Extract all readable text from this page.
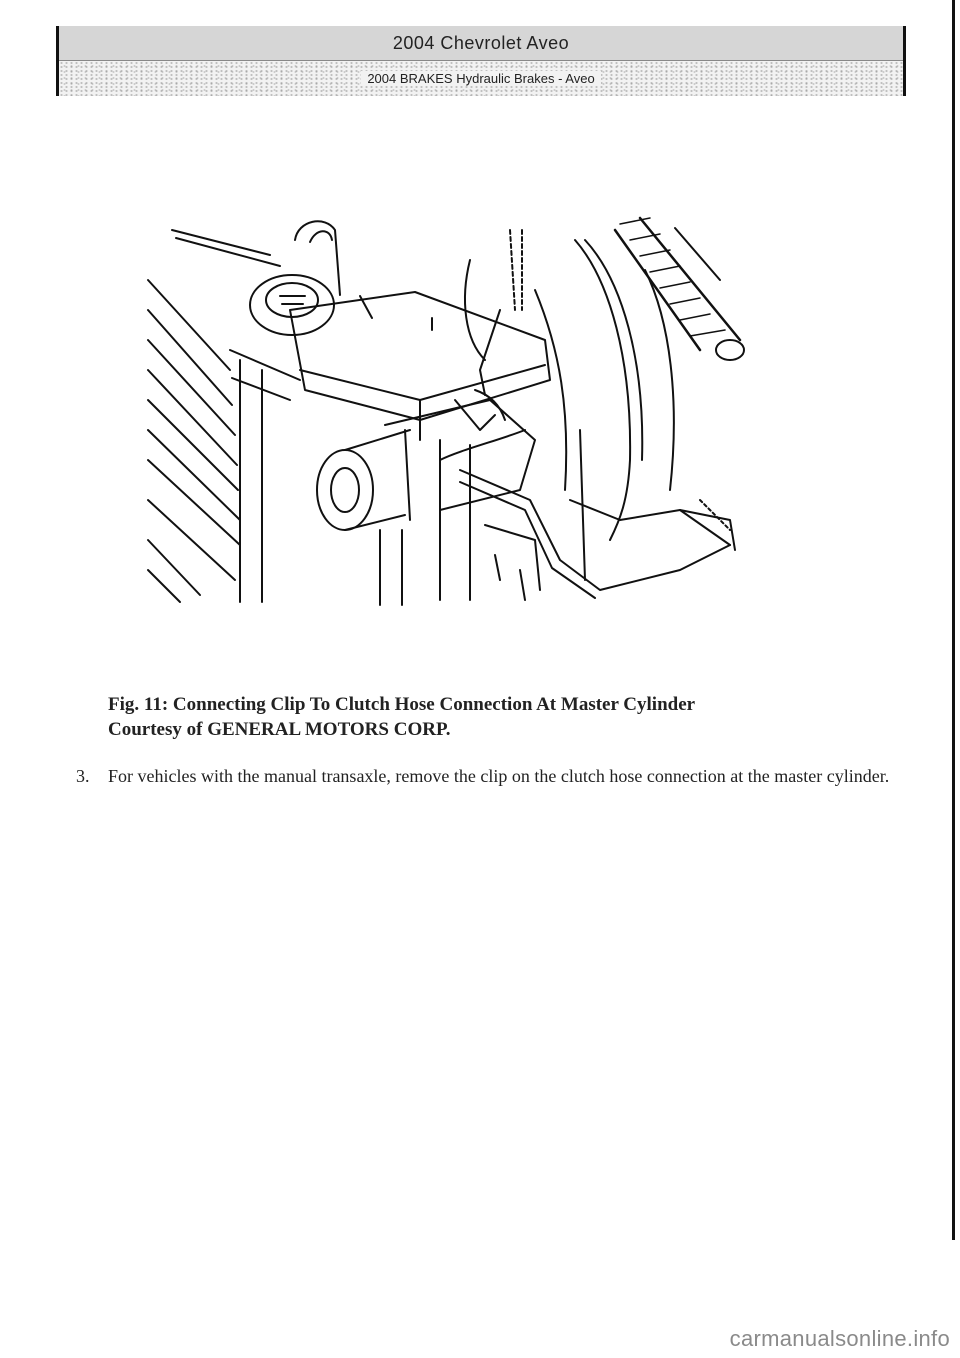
2004 Chevrolet Aveo
2004 BRAKES Hydraulic Brakes - Aveo
Fig. 11: Connecting Clip To Clutch Hose Connection At Master Cylinder
Courtesy of GENERAL MOTORS CORP.
3. For vehicles with the manual transaxle, remove the clip on the clutch hose connection at the master cylinder.
carmanualsonline.info
